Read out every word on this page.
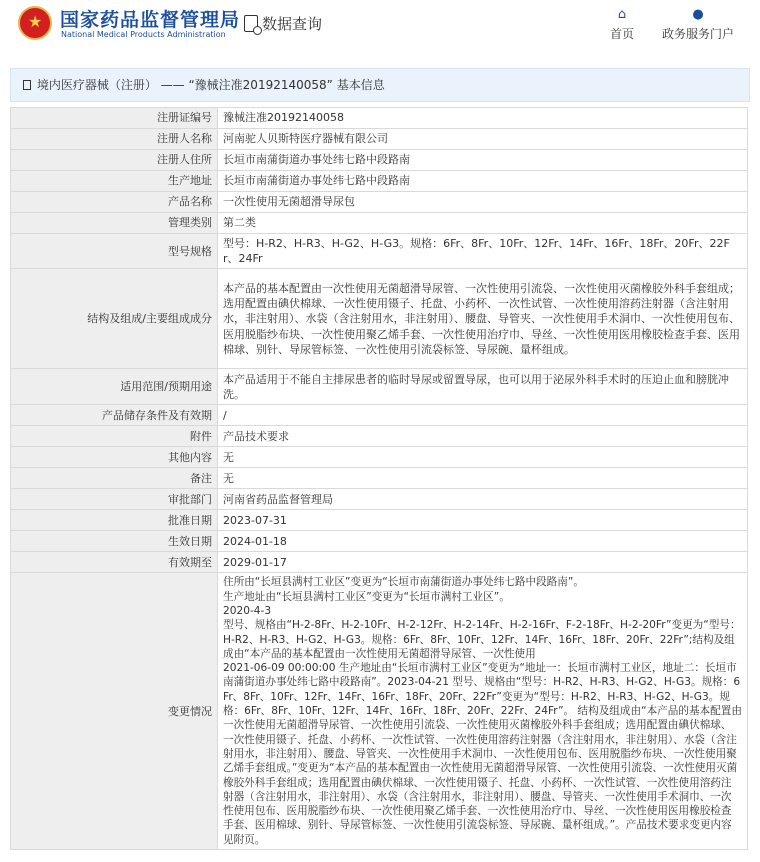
★
国家药品监督管理局
National Medical Products Administration
数据查询
⌂
首页
●
政务服务门户
境内医疗器械（注册） —— “豫械注准20192140058” 基本信息
注册证编号	豫械注准20192140058
注册人名称	河南驼人贝斯特医疗器械有限公司
注册人住所	长垣市南蒲街道办事处纬七路中段路南
生产地址	长垣市南蒲街道办事处纬七路中段路南
产品名称	一次性使用无菌超滑导尿包
管理类别	第二类
型号规格	型号：H-R2、H-R3、H-G2、H-G3。规格：6Fr、8Fr、10Fr、12Fr、14Fr、16Fr、18Fr、20Fr、22Fr、24Fr
结构及组成/主要组成成分	本产品的基本配置由一次性使用无菌超滑导尿管、一次性使用引流袋、一次性使用灭菌橡胶外科手套组成；选用配置由碘伏棉球、一次性使用镊子、托盘、小药杯、一次性试管、一次性使用溶药注射器（含注射用水，非注射用）、水袋（含注射用水，非注射用）、腰盘、导管夹、一次性使用手术洞巾、一次性使用包布、医用脱脂纱布块、一次性使用聚乙烯手套、一次性使用治疗巾、导丝、一次性使用医用橡胶检查手套、医用棉球、别针、导尿管标签、一次性使用引流袋标签、导尿碗、量杯组成。
适用范围/预期用途	本产品适用于不能自主排尿患者的临时导尿或留置导尿，也可以用于泌尿外科手术时的压迫止血和膀胱冲洗。
产品储存条件及有效期	/
附件	产品技术要求
其他内容	无
备注	无
审批部门	河南省药品监督管理局
批准日期	2023-07-31
生效日期	2024-01-18
有效期至	2029-01-17
变更情况	住所由“长垣县满村工业区”变更为“长垣市南蒲街道办事处纬七路中段路南”。
生产地址由“长垣县满村工业区”变更为“长垣市满村工业区”。
2020-4-3
型号、规格由“H-2-8Fr、H-2-10Fr、H-2-12Fr、H-2-14Fr、H-2-16Fr、F-2-18Fr、H-2-20Fr”变更为“型号：H-R2、H-R3、H-G2、H-G3。规格：6Fr、8Fr、10Fr、12Fr、14Fr、16Fr、18Fr、20Fr、22Fr”;结构及组成由“本产品的基本配置由一次性使用无菌超滑导尿管、一次性使用
2021-06-09 00:00:00 生产地址由“长垣市满村工业区”变更为“地址一：长垣市满村工业区，地址二：长垣市南蒲街道办事处纬七路中段路南”。2023-04-21 型号、规格由“型号：H-R2、H-R3、H-G2、H-G3。规格：6Fr、8Fr、10Fr、12Fr、14Fr、16Fr、18Fr、20Fr、22Fr”变更为“型号：H-R2、H-R3、H-G2、H-G3。规格：6Fr、8Fr、10Fr、12Fr、14Fr、16Fr、18Fr、20Fr、22Fr、24Fr”。 结构及组成由“本产品的基本配置由一次性使用无菌超滑导尿管、一次性使用引流袋、一次性使用灭菌橡胶外科手套组成；选用配置由碘伏棉球、一次性使用镊子、托盘、小药杯、一次性试管、一次性使用溶药注射器（含注射用水，非注射用）、水袋（含注射用水，非注射用）、腰盘、导管夹、一次性使用手术洞巾、一次性使用包布、医用脱脂纱布块、一次性使用聚乙烯手套组成。”变更为“本产品的基本配置由一次性使用无菌超滑导尿管、一次性使用引流袋、一次性使用灭菌橡胶外科手套组成；选用配置由碘伏棉球、一次性使用镊子、托盘、小药杯、一次性试管、一次性使用溶药注射器（含注射用水，非注射用）、水袋（含注射用水，非注射用）、腰盘、导管夹、一次性使用手术洞巾、一次性使用包布、医用脱脂纱布块、一次性使用聚乙烯手套、一次性使用治疗巾、导丝、一次性使用医用橡胶检查手套、医用棉球、别针、导尿管标签、一次性使用引流袋标签、导尿碗、量杯组成。”。产品技术要求变更内容见附页。
